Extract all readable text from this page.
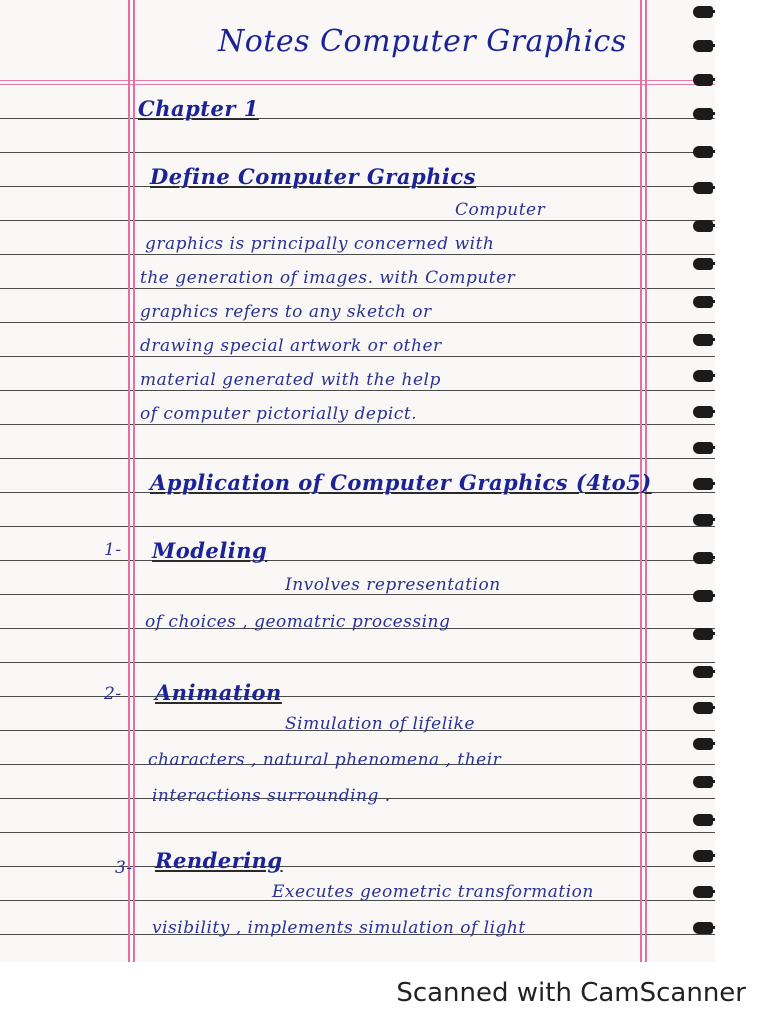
Notes Computer Graphics
Chapter 1
Define Computer Graphics
Computer
graphics is principally concerned with
the generation of images. with Computer
graphics refers to any sketch or
drawing special artwork or other
material generated with the help
of computer pictorially depict.
Application of Computer Graphics (4to5)
1- Modeling
Involves representation
of choices , geomatric processing
2- Animation
Simulation of lifelike
characters , natural phenomena , their
interactions surrounding .
3- Rendering
Executes geometric transformation
visibility , implements simulation of light
Scanned with CamScanner
